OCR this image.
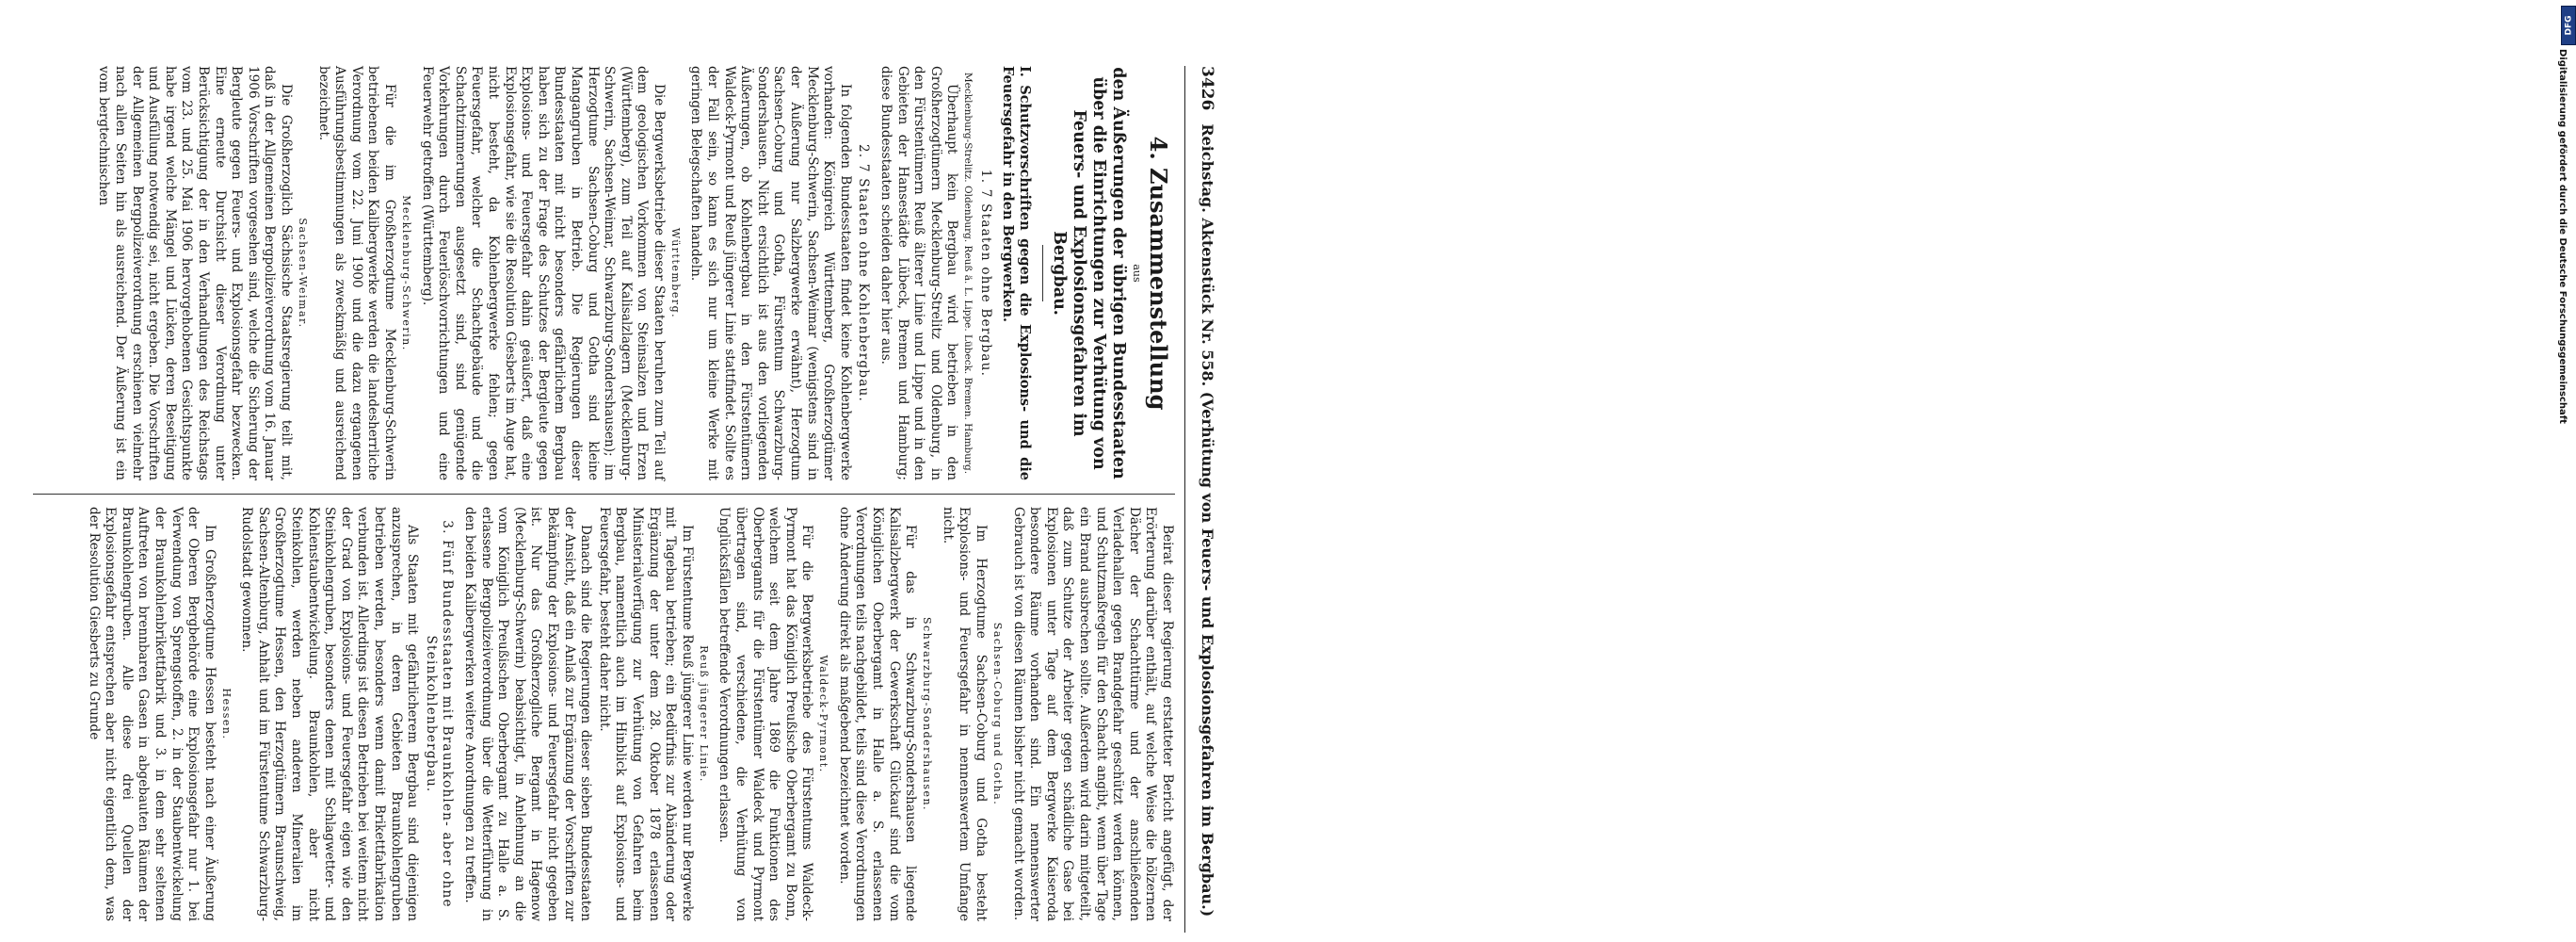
3426
Reichstag. Aktenstück Nr. 558. (Verhütung von Feuers- und Explosionsgefahren im Bergbau.)

4. Zusammenstellung

aus

den Äußerungen der übrigen Bundesstaaten über die Einrichtungen zur Verhütung von Feuers- und Explosionsgefahren im Bergbau.

I. Schutzvorschriften gegen die Explosions- und die Feuersgefahr in den Bergwerken.

1. 7 Staaten ohne Bergbau.

Mecklenburg-Strelitz. Oldenburg. Reuß ä. L. Lippe. Lübeck. Bremen. Hamburg.

Überhaupt kein Bergbau wird betrieben in den Großherzogtümern Mecklenburg-Strelitz und Oldenburg, in den Fürstentümern Reuß älterer Linie und Lippe und in den Gebieten der Hansestädte Lübeck, Bremen und Hamburg; diese Bundesstaaten scheiden daher hier aus.

2. 7 Staaten ohne Kohlenbergbau.

In folgenden Bundesstaaten findet keine Kohlenbergwerke vorhanden: Königreich Württemberg, Großherzogtümer Mecklenburg-Schwerin, Sachsen-Weimar (wenigstens sind in der Äußerung nur Salzbergwerke erwähnt), Herzogtum Sachsen-Coburg und Gotha, Fürstentum Schwarzburg-Sondershausen. Nicht ersichtlich ist aus den vorliegenden Äußerungen, ob Kohlenbergbau in den Fürstentümern Waldeck-Pyrmont und Reuß jüngerer Linie stattfindet. Sollte es der Fall sein, so kann es sich nur um kleine Werke mit geringen Belegschaften handeln.

Württemberg.

Die Bergwerksbetriebe dieser Staaten beruhen zum Teil auf dem geologischen Vorkommen von Steinsalzen und Erzen (Württemberg), zum Teil auf Kalisalzlagern (Mecklenburg-Schwerin, Sachsen-Weimar, Schwarzburg-Sondershausen); im Herzogtume Sachsen-Coburg und Gotha sind kleine Mangangruben in Betrieb. Die Regierungen dieser Bundesstaaten mit nicht besonders gefährlichem Bergbau haben sich zu der Frage des Schutzes der Bergleute gegen Explosions- und Feuersgefahr dahin geäußert, daß eine Explosionsgefahr, wie sie die Resolution Giesberts im Auge hat, nicht besteht, da Kohlenbergwerke fehlen; gegen Feuersgefahr, welcher die Schachtgebäude und die Schachtzimmerungen ausgesetzt sind, sind genügende Vorkehrungen durch Feuerlöschvorrichtungen und eine Feuerwehr getroffen (Württemberg).

Mecklenburg-Schwerin.

Für die im Großherzogtume Mecklenburg-Schwerin betriebenen beiden Kalibergwerke werden die landesherrliche Verordnung vom 22. Juni 1900 und die dazu ergangenen Ausführungsbestimmungen als zweckmäßig und ausreichend bezeichnet.

Sachsen-Weimar.

Die Großherzoglich Sächsische Staatsregierung teilt mit, daß in der Allgemeinen Bergpolizeiverordnung vom 16. Januar 1906 Vorschriften vorgesehen sind, welche die Sicherung der Bergleute gegen Feuers- und Explosionsgefahr bezwecken. Eine erneute Durchsicht dieser Verordnung unter Berücksichtigung der in den Verhandlungen des Reichstags vom 23. und 25. Mai 1906 hervorgehobenen Gesichtspunkte habe irgend welche Mängel und Lücken, deren Beseitigung und Ausfüllung notwendig sei, nicht ergeben. Die Vorschriften der Allgemeinen Bergpolizeiverordnung erschienen vielmehr nach allen Seiten hin als ausreichend. Der Äußerung ist ein vom bergtechnischen

Beirat dieser Regierung erstatteter Bericht angefügt, der Erörterung darüber enthält, auf welche Weise die hölzernen Dächer der Schachttürme und der anschließenden Verladehallen gegen Brandgefahr geschützt werden können, und Schutzmaßregeln für den Schacht angibt, wenn über Tage ein Brand ausbrechen sollte. Außerdem wird darin mitgeteilt, daß zum Schutze der Arbeiter gegen schädliche Gase bei Explosionen unter Tage auf dem Bergwerke Kaiseroda besondere Räume vorhanden sind. Ein nennenswerter Gebrauch ist von diesen Räumen bisher nicht gemacht worden.

Sachsen-Coburg und Gotha.

Im Herzogtume Sachsen-Coburg und Gotha besteht Explosions- und Feuersgefahr in nennenswertem Umfange nicht.

Schwarzburg-Sondershausen.

Für das in Schwarzburg-Sondershausen liegende Kalisalzbergwerk der Gewerkschaft Glückauf sind die vom Königlichen Oberbergamt in Halle a. S. erlassenen Verordnungen teils nachgebildet, teils sind diese Verordnungen ohne Änderung direkt als maßgebend bezeichnet worden.

Waldeck-Pyrmont.

Für die Bergwerksbetriebe des Fürstentums Waldeck-Pyrmont hat das Königlich Preußische Oberbergamt zu Bonn, welchem seit dem Jahre 1869 die Funktionen des Oberbergamts für die Fürstentümer Waldeck und Pyrmont übertragen sind, verschiedene, die Verhütung von Unglücksfällen betreffende Verordnungen erlassen.

Reuß jüngerer Linie.

Im Fürstentume Reuß jüngerer Linie werden nur Bergwerke mit Tagebau betrieben; ein Bedürfnis zur Abänderung oder Ergänzung der unter dem 28. Oktober 1878 erlassenen Ministerialverfügung zur Verhütung von Gefahren beim Bergbau, namentlich auch im Hinblick auf Explosions- und Feuersgefahr, besteht daher nicht.

Danach sind die Regierungen dieser sieben Bundesstaaten der Ansicht, daß ein Anlaß zur Ergänzung der Vorschriften zur Bekämpfung der Explosions- und Feuersgefahr nicht gegeben ist. Nur das Großherzogliche Bergamt in Hagenow (Mecklenburg-Schwerin) beabsichtigt, in Anlehnung an die vom Königlich Preußischen Oberbergamt zu Halle a. S. erlassene Bergpolizeiverordnung über die Wetterführung in den beiden Kalibergwerken weitere Anordnungen zu treffen.

3. Fünf Bundesstaaten mit Braunkohlen- aber ohne Steinkohlenbergbau.

Als Staaten mit gefährlicherem Bergbau sind diejenigen anzusprechen, in deren Gebieten Braunkohlengruben betrieben werden, besonders wenn damit Brikettfabrikation verbunden ist. Allerdings ist diesen Betrieben bei weitem nicht der Grad von Explosions- und Feuersgefahr eigen wie den Steinkohlengruben, besonders denen mit Schlagwetter- und Kohlenstaubentwickelung. Braunkohlen, aber nicht Steinkohlen, werden neben anderen Mineralien im Großherzogtume Hessen, den Herzogtümern Braunschweig, Sachsen-Altenburg, Anhalt und im Fürstentume Schwarzburg-Rudolstadt gewonnen.

Hessen.

Im Großherzogtume Hessen besteht nach einer Äußerung der Oberen Bergbehörde eine Explosionsgefahr nur 1. bei Verwendung von Sprengstoffen, 2. in der Staubentwickelung der Braunkohlenbrikettfabrik und 3. in dem sehr seltenen Auftreten von brennbaren Gasen in abgebauten Räumen der Braunkohlengruben. Alle diese drei Quellen der Explosionsgefahr entsprechen aber nicht eigentlich dem, was der Resolution Giesberts zu Grunde

DFG
Digitalisierung gefördert durch die Deutsche Forschungsgemeinschaft
